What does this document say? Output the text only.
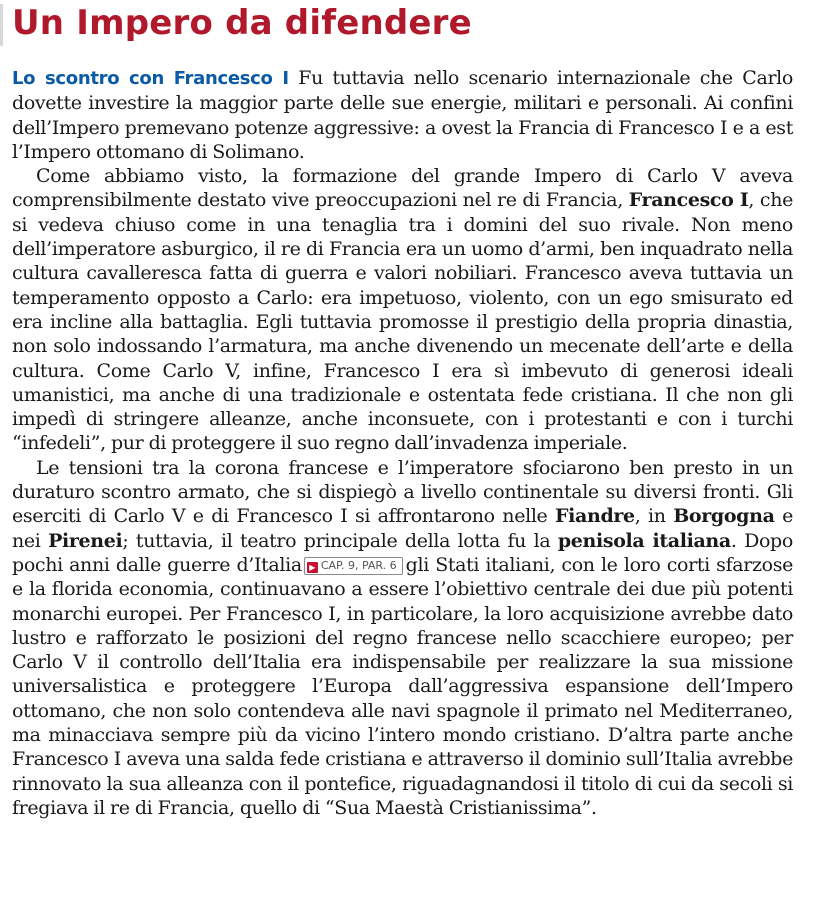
Un Impero da difendere

Lo scontro con Francesco I Fu tuttavia nello scenario internazionale che Carlo dovette investire la maggior parte delle sue energie, militari e personali. Ai confini dell’Impero premevano potenze aggressive: a ovest la Francia di Francesco I e a est l’Impero ottomano di Solimano.

Come abbiamo visto, la formazione del grande Impero di Carlo V aveva comprensibilmente destato vive preoccupazioni nel re di Francia, Francesco I, che si vedeva chiuso come in una tenaglia tra i domini del suo rivale. Non meno dell’imperatore asburgico, il re di Francia era un uomo d’armi, ben inquadrato nella cultura cavalleresca fatta di guerra e valori nobiliari. Francesco aveva tuttavia un temperamento opposto a Carlo: era impetuoso, violento, con un ego smisurato ed era incline alla battaglia. Egli tuttavia promosse il prestigio della propria dinastia, non solo indossando l’armatura, ma anche divenendo un mecenate dell’arte e della cultura. Come Carlo V, infine, Francesco I era sì imbevuto di generosi ideali umanistici, ma anche di una tradizionale e ostentata fede cristiana. Il che non gli impedì di stringere alleanze, anche inconsuete, con i protestanti e con i turchi “infedeli”, pur di proteggere il suo regno dall’invadenza imperiale.

Le tensioni tra la corona francese e l’imperatore sfociarono ben presto in un duraturo scontro armato, che si dispiegò a livello continentale su diversi fronti. Gli eserciti di Carlo V e di Francesco I si affrontarono nelle Fiandre, in Borgogna e nei Pirenei; tuttavia, il teatro principale della lotta fu la penisola italiana. Dopo pochi anni dalle guerre d’Italia ▶ CAP. 9, PAR. 6 gli Stati italiani, con le loro corti sfarzose e la florida economia, continuavano a essere l’obiettivo centrale dei due più potenti monarchi europei. Per Francesco I, in particolare, la loro acquisizione avrebbe dato lustro e rafforzato le posizioni del regno francese nello scacchiere europeo; per Carlo V il controllo dell’Italia era indispensabile per realizzare la sua missione universalistica e proteggere l’Europa dall’aggressiva espansione dell’Impero ottomano, che non solo contendeva alle navi spagnole il primato nel Mediterraneo, ma minacciava sempre più da vicino l’intero mondo cristiano. D’altra parte anche Francesco I aveva una salda fede cristiana e attraverso il dominio sull’Italia avrebbe rinnovato la sua alleanza con il pontefice, riguadagnandosi il titolo di cui da secoli si fregiava il re di Francia, quello di “Sua Maestà Cristianissima”.
